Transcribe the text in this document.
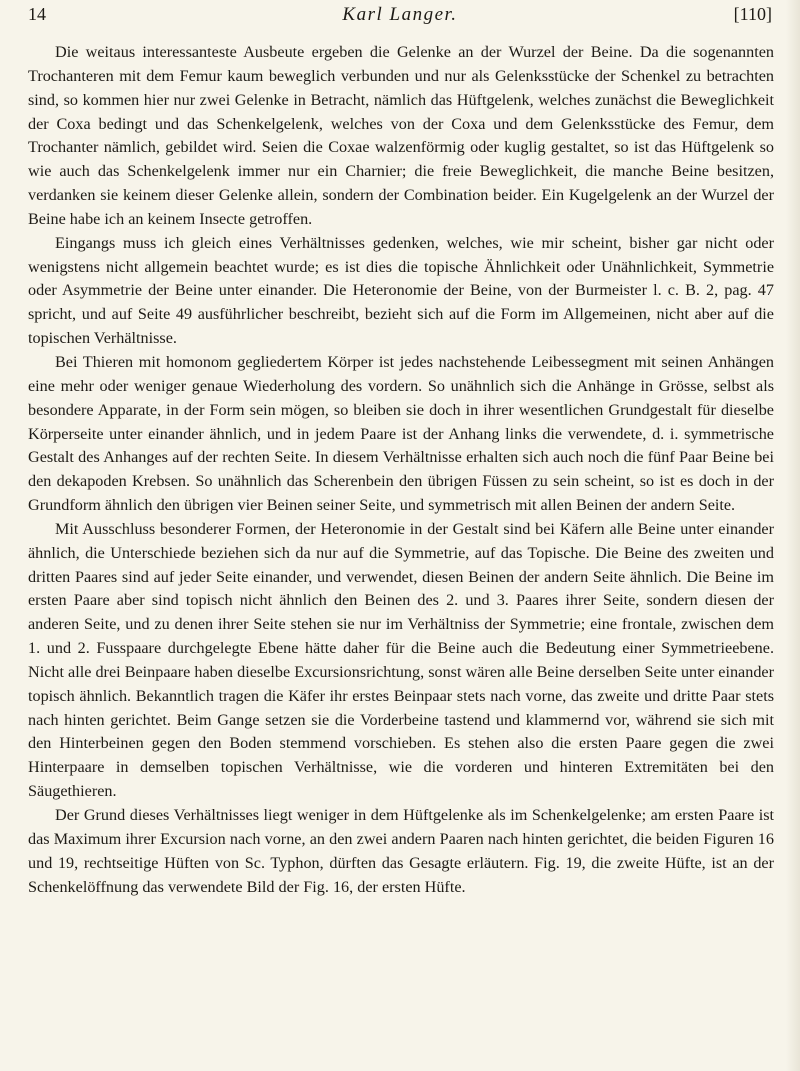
14	Karl Langer.	[110]

Die weitaus interessanteste Ausbeute ergeben die Gelenke an der Wurzel der Beine. Da die sogenannten Trochanteren mit dem Femur kaum beweglich verbunden und nur als Gelenksstücke der Schenkel zu betrachten sind, so kommen hier nur zwei Gelenke in Betracht, nämlich das Hüftgelenk, welches zunächst die Beweglichkeit der Coxa bedingt und das Schenkelgelenk, welches von der Coxa und dem Gelenksstücke des Femur, dem Trochanter nämlich, gebildet wird. Seien die Coxae walzenförmig oder kuglig gestaltet, so ist das Hüftgelenk so wie auch das Schenkelgelenk immer nur ein Charnier; die freie Beweglichkeit, die manche Beine besitzen, verdanken sie keinem dieser Gelenke allein, sondern der Combination beider. Ein Kugelgelenk an der Wurzel der Beine habe ich an keinem Insecte getroffen.

Eingangs muss ich gleich eines Verhältnisses gedenken, welches, wie mir scheint, bisher gar nicht oder wenigstens nicht allgemein beachtet wurde; es ist dies die topische Ähnlichkeit oder Unähnlichkeit, Symmetrie oder Asymmetrie der Beine unter einander. Die Heteronomie der Beine, von der Burmeister l. c. B. 2, pag. 47 spricht, und auf Seite 49 ausführlicher beschreibt, bezieht sich auf die Form im Allgemeinen, nicht aber auf die topischen Verhältnisse.

Bei Thieren mit homonom gegliedertem Körper ist jedes nachstehende Leibessegment mit seinen Anhängen eine mehr oder weniger genaue Wiederholung des vordern. So unähnlich sich die Anhänge in Grösse, selbst als besondere Apparate, in der Form sein mögen, so bleiben sie doch in ihrer wesentlichen Grundgestalt für dieselbe Körperseite unter einander ähnlich, und in jedem Paare ist der Anhang links die verwendete, d. i. symmetrische Gestalt des Anhanges auf der rechten Seite. In diesem Verhältnisse erhalten sich auch noch die fünf Paar Beine bei den dekapoden Krebsen. So unähnlich das Scherenbein den übrigen Füssen zu sein scheint, so ist es doch in der Grundform ähnlich den übrigen vier Beinen seiner Seite, und symmetrisch mit allen Beinen der andern Seite.

Mit Ausschluss besonderer Formen, der Heteronomie in der Gestalt sind bei Käfern alle Beine unter einander ähnlich, die Unterschiede beziehen sich da nur auf die Symmetrie, auf das Topische. Die Beine des zweiten und dritten Paares sind auf jeder Seite einander, und verwendet, diesen Beinen der andern Seite ähnlich. Die Beine im ersten Paare aber sind topisch nicht ähnlich den Beinen des 2. und 3. Paares ihrer Seite, sondern diesen der anderen Seite, und zu denen ihrer Seite stehen sie nur im Verhältniss der Symmetrie; eine frontale, zwischen dem 1. und 2. Fusspaare durchgelegte Ebene hätte daher für die Beine auch die Bedeutung einer Symmetrieebene. Nicht alle drei Beinpaare haben dieselbe Excursionsrichtung, sonst wären alle Beine derselben Seite unter einander topisch ähnlich. Bekanntlich tragen die Käfer ihr erstes Beinpaar stets nach vorne, das zweite und dritte Paar stets nach hinten gerichtet. Beim Gange setzen sie die Vorderbeine tastend und klammernd vor, während sie sich mit den Hinterbeinen gegen den Boden stemmend vorschieben. Es stehen also die ersten Paare gegen die zwei Hinterpaare in demselben topischen Verhältnisse, wie die vorderen und hinteren Extremitäten bei den Säugethieren.

Der Grund dieses Verhältnisses liegt weniger in dem Hüftgelenke als im Schenkelgelenke; am ersten Paare ist das Maximum ihrer Excursion nach vorne, an den zwei andern Paaren nach hinten gerichtet, die beiden Figuren 16 und 19, rechtseitige Hüften von Sc. Typhon, dürften das Gesagte erläutern. Fig. 19, die zweite Hüfte, ist an der Schenkelöffnung das verwendete Bild der Fig. 16, der ersten Hüfte.
